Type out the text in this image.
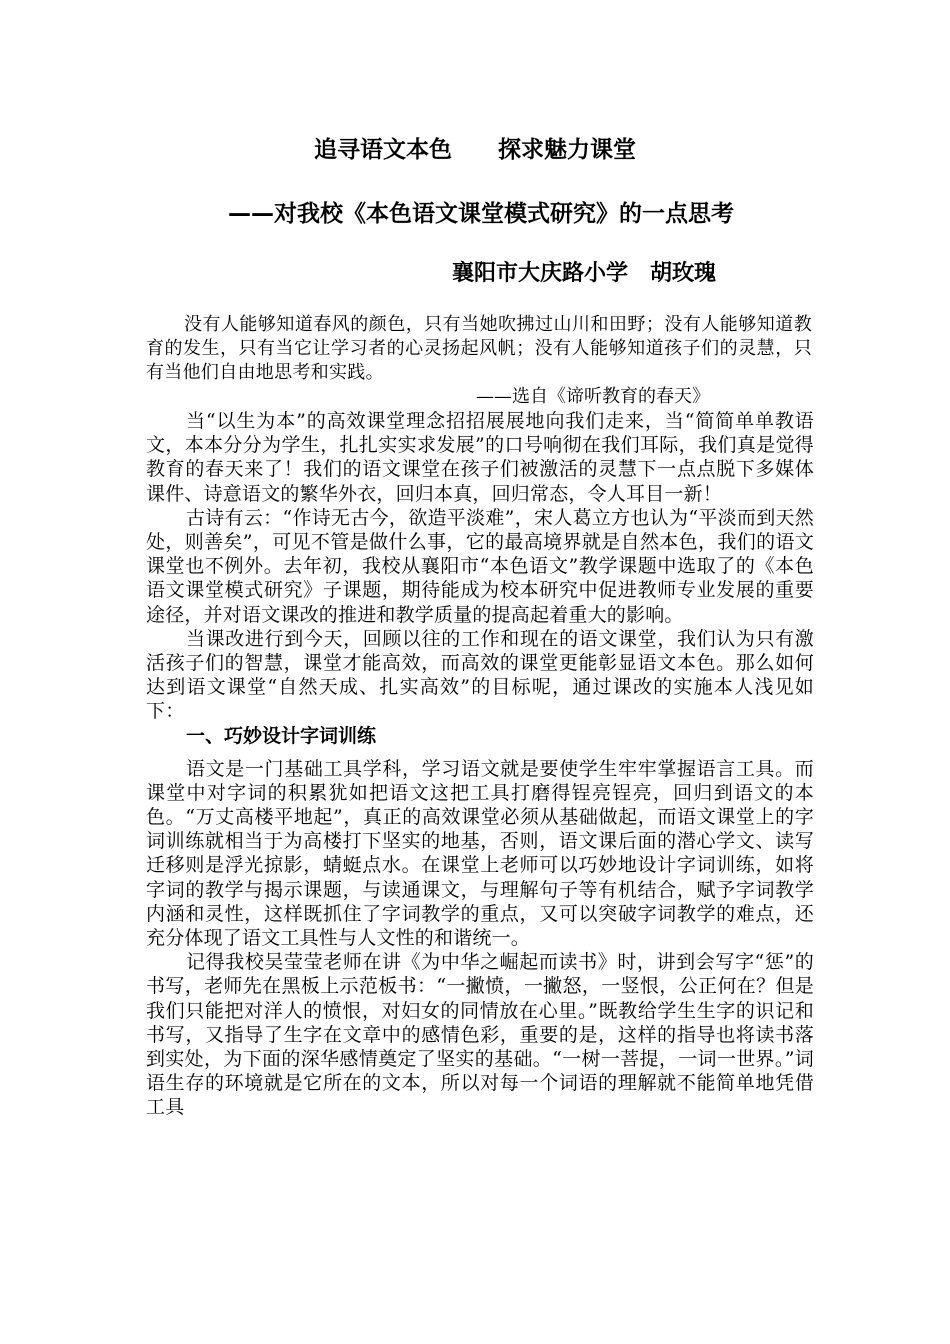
追寻语文本色　　探求魅力课堂
——对我校《本色语文课堂模式研究》的一点思考
襄阳市大庆路小学　胡玫瑰

没有人能够知道春风的颜色，只有当她吹拂过山川和田野；没有人能够知道教育的发生，只有当它让学习者的心灵扬起风帆；没有人能够知道孩子们的灵慧，只有当他们自由地思考和实践。

——选自《谛听教育的春天》

当“以生为本”的高效课堂理念招招展展地向我们走来，当“简简单单教语文，本本分分为学生，扎扎实实求发展”的口号响彻在我们耳际，我们真是觉得教育的春天来了！我们的语文课堂在孩子们被激活的灵慧下一点点脱下多媒体课件、诗意语文的繁华外衣，回归本真，回归常态，令人耳目一新！

古诗有云：“作诗无古今，欲造平淡难”，宋人葛立方也认为“平淡而到天然处，则善矣”，可见不管是做什么事，它的最高境界就是自然本色，我们的语文课堂也不例外。去年初，我校从襄阳市“本色语文”教学课题中选取了的《本色语文课堂模式研究》子课题，期待能成为校本研究中促进教师专业发展的重要途径，并对语文课改的推进和教学质量的提高起着重大的影响。

当课改进行到今天，回顾以往的工作和现在的语文课堂，我们认为只有激活孩子们的智慧，课堂才能高效，而高效的课堂更能彰显语文本色。那么如何达到语文课堂“自然天成、扎实高效”的目标呢，通过课改的实施本人浅见如下：

一、巧妙设计字词训练

语文是一门基础工具学科，学习语文就是要使学生牢牢掌握语言工具。而课堂中对字词的积累犹如把语文这把工具打磨得锃亮锃亮，回归到语文的本色。“万丈高楼平地起”，真正的高效课堂必须从基础做起，而语文课堂上的字词训练就相当于为高楼打下坚实的地基，否则，语文课后面的潜心学文、读写迁移则是浮光掠影，蜻蜓点水。在课堂上老师可以巧妙地设计字词训练，如将字词的教学与揭示课题，与读通课文，与理解句子等有机结合，赋予字词教学内涵和灵性，这样既抓住了字词教学的重点，又可以突破字词教学的难点，还充分体现了语文工具性与人文性的和谐统一。

记得我校吴莹莹老师在讲《为中华之崛起而读书》时，讲到会写字“惩”的书写，老师先在黑板上示范板书：“一撇愤，一撇怒，一竖恨，公正何在？但是我们只能把对洋人的愤恨，对妇女的同情放在心里。”既教给学生生字的识记和书写，又指导了生字在文章中的感情色彩，重要的是，这样的指导也将读书落到实处，为下面的深华感情奠定了坚实的基础。“一树一菩提，一词一世界。”词语生存的环境就是它所在的文本，所以对每一个词语的理解就不能简单地凭借工具
